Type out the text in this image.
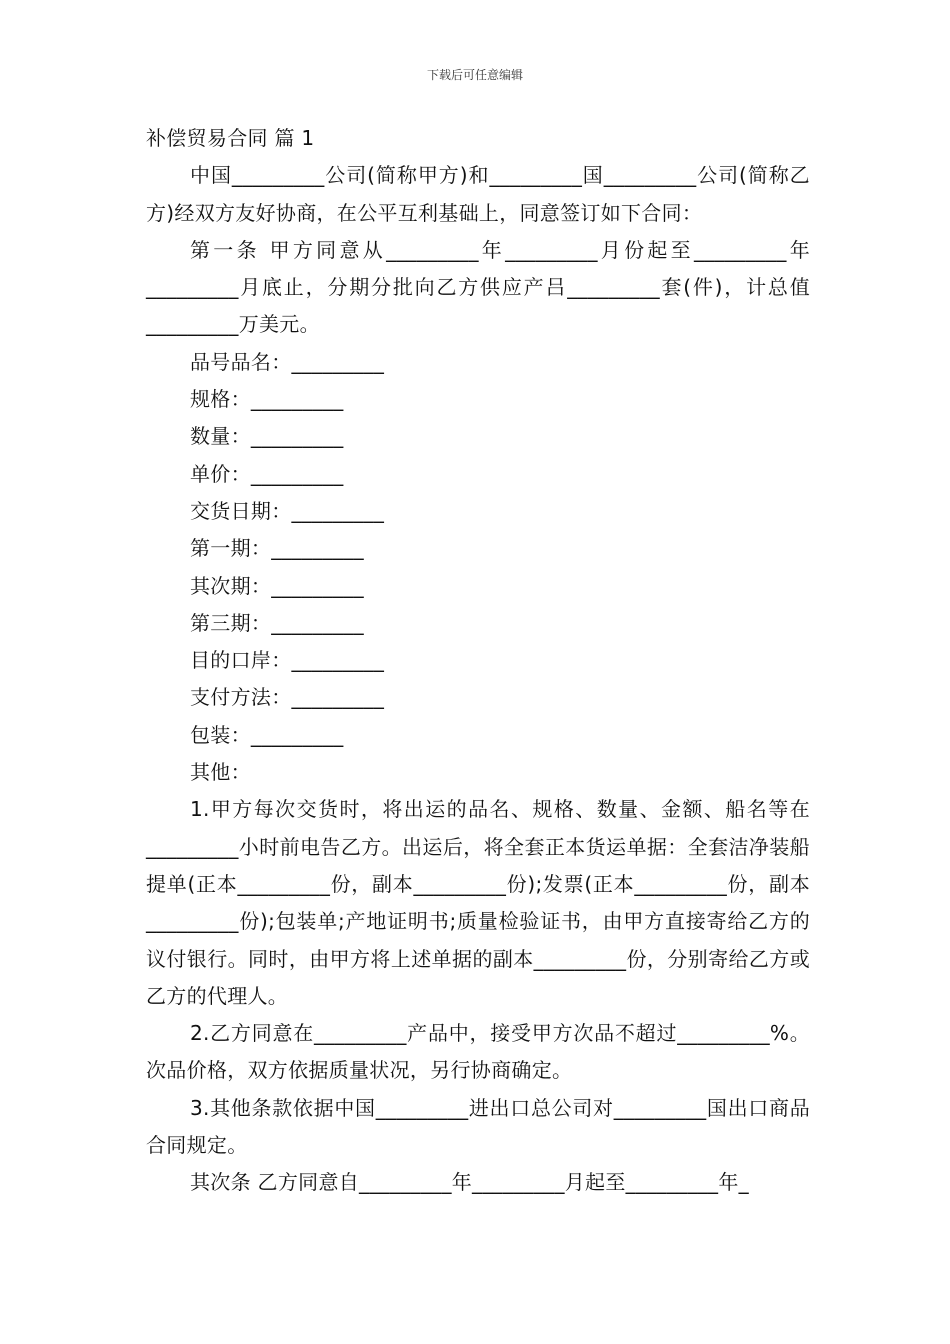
下载后可任意编辑

补偿贸易合同 篇 1

中国_________公司(简称甲方)和_________国_________公司(简称乙方)经双方友好协商，在公平互利基础上，同意签订如下合同：

第一条 甲方同意从_________年_________月份起至_________年_________月底止，分期分批向乙方供应产吕_________套(件)，计总值_________万美元。

品号品名：_________

规格：_________

数量：_________

单价：_________

交货日期：_________

第一期：_________

其次期：_________

第三期：_________

目的口岸：_________

支付方法：_________

包装：_________

其他：

1.甲方每次交货时，将出运的品名、规格、数量、金额、船名等在_________小时前电告乙方。出运后，将全套正本货运单据：全套洁净装船提单(正本_________份，副本_________份);发票(正本_________份，副本_________份);包装单;产地证明书;质量检验证书，由甲方直接寄给乙方的议付银行。同时，由甲方将上述单据的副本_________份，分别寄给乙方或乙方的代理人。

2.乙方同意在_________产品中，接受甲方次品不超过_________%。次品价格，双方依据质量状况，另行协商确定。

3.其他条款依据中国_________进出口总公司对_________国出口商品合同规定。

其次条 乙方同意自_________年_________月起至_________年_
